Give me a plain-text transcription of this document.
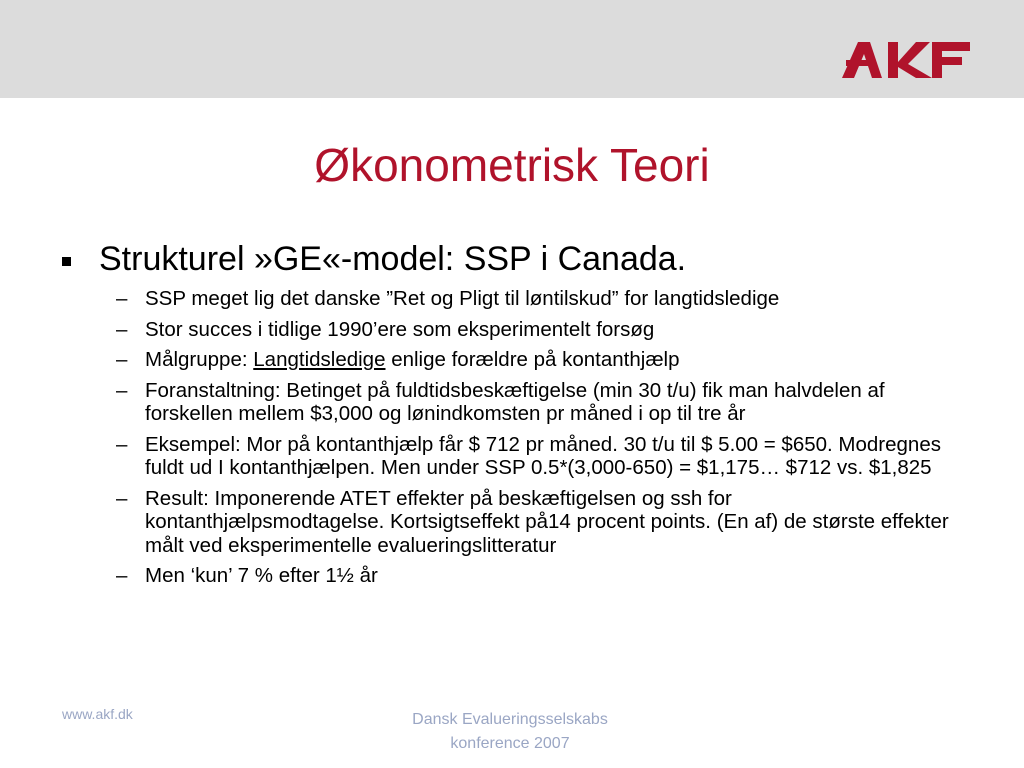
Økonometrisk Teori
Strukturel »GE«-model: SSP i Canada.
– SSP meget lig det danske ”Ret og Pligt til løntilskud” for langtidsledige
– Stor succes i tidlige 1990’ere som eksperimentelt forsøg
– Målgruppe: Langtidsledige enlige forældre på kontanthjælp
– Foranstaltning: Betinget på fuldtidsbeskæftigelse (min 30 t/u) fik man halvdelen af forskellen mellem $3,000 og lønindkomsten pr måned i op til tre år
– Eksempel: Mor på kontanthjælp får $ 712 pr måned. 30 t/u til $ 5.00 = $650. Modregnes fuldt ud I kontanthjælpen. Men under SSP 0.5*(3,000-650) = $1,175… $712 vs. $1,825
– Result: Imponerende ATET effekter på beskæftigelsen og ssh for kontanthjælpsmodtagelse. Kortsigtseffekt på14 procent points. (En af) de største effekter målt ved eksperimentelle evalueringslitteratur
– Men ‘kun’ 7 % efter 1½ år
www.akf.dk	Dansk Evalueringsselskabs
konference 2007
